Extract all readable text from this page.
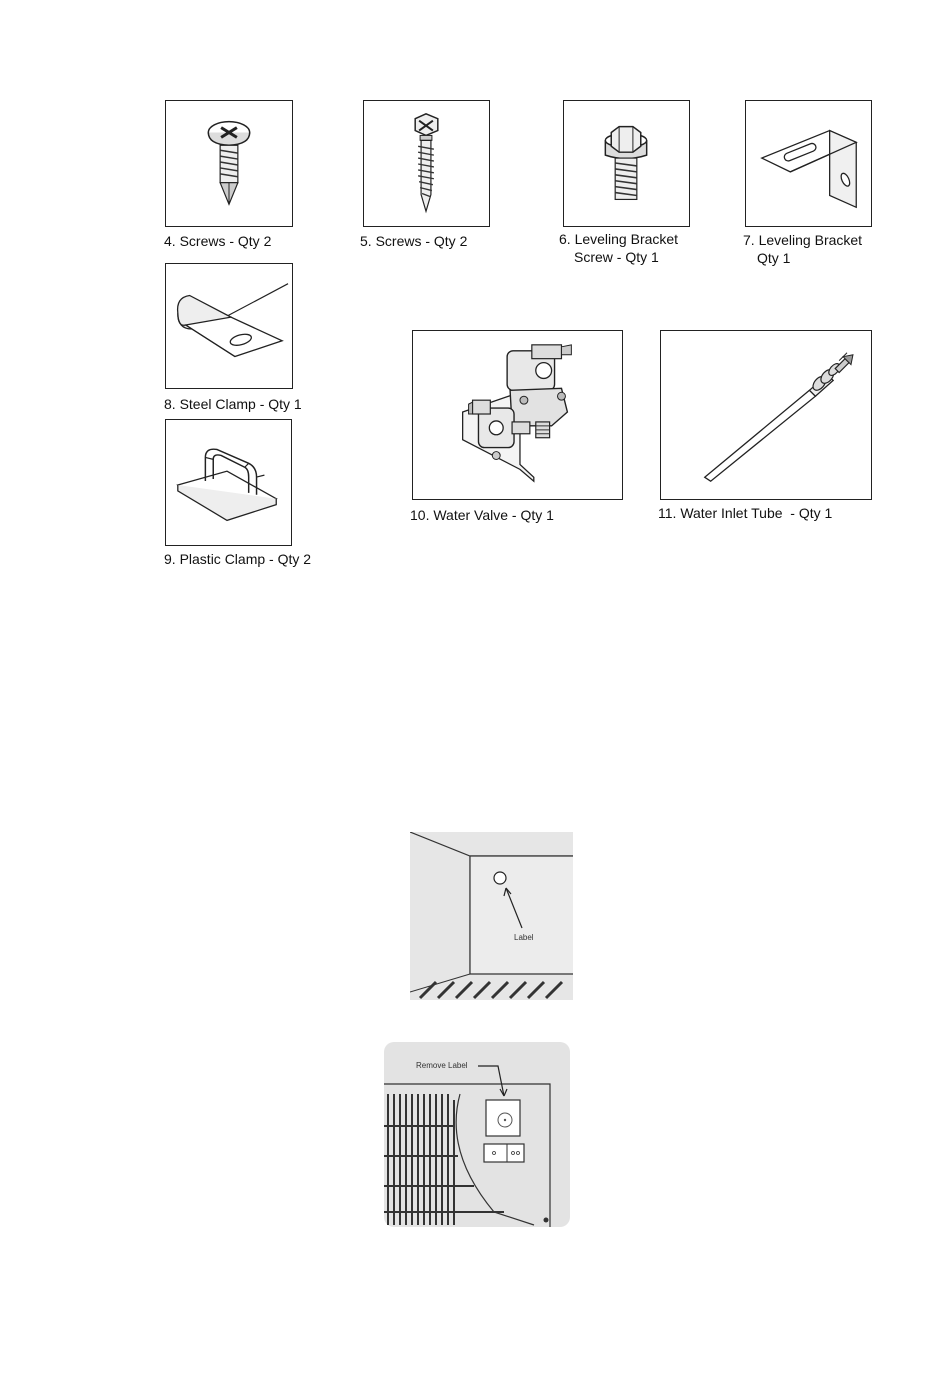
4. Screws - Qty 2	5. Screws - Qty 2	6. Leveling Bracket
Screw - Qty 1
7. Leveling Bracket
Qty 1
8. Steel Clamp - Qty 1
9. Plastic Clamp - Qty 2
10. Water Valve - Qty 1	11. Water Inlet Tube  - Qty 1
Label
Remove Label
